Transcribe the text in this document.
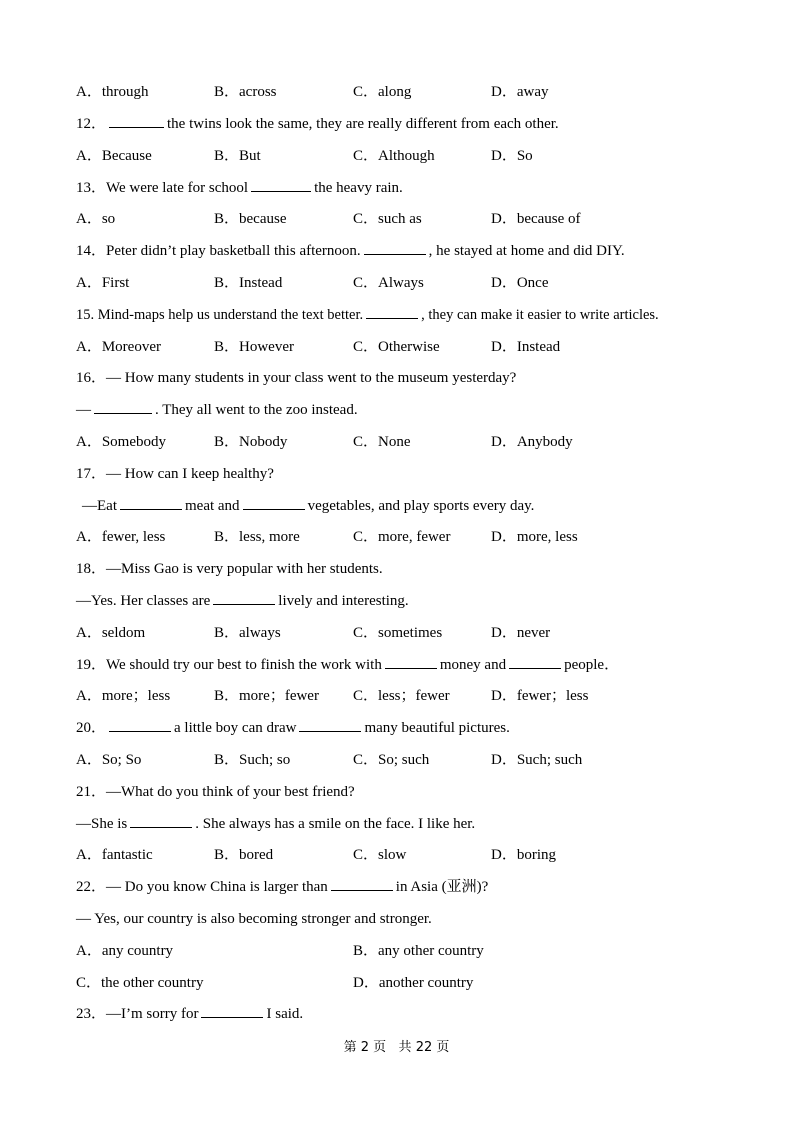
A．through	B．across	C．along	D．away
12．	the twins look the same, they are really different from each other.
A．Because	B．But	C．Although	D．So
13．We were late for school	the heavy rain.
A．so	B．because	C．such as	D．because of
14．Peter didn’t play basketball this afternoon.	, he stayed at home and did DIY.
A．First	B．Instead	C．Always	D．Once
15. Mind-maps help us understand the text better.	, they can make it easier to write articles.
A．Moreover	B．However	C．Otherwise	D．Instead
16．— How many students in your class went to the museum yesterday?
—	. They all went to the zoo instead.
A．Somebody	B．Nobody	C．None	D．Anybody
17．— How can I keep healthy?
—Eat	meat and	vegetables, and play sports every day.
A．fewer, less	B．less, more	C．more, fewer	D．more, less
18．—Miss Gao is very popular with her students.
—Yes. Her classes are	lively and interesting.
A．seldom	B．always	C．sometimes	D．never
19．We should try our best to finish the work with	money and	people．
A．more；less	B．more；fewer C．less；fewer	D．fewer；less
20．	a little boy can draw	many beautiful pictures.
A．So; So	B．Such; so	C．So; such	D．Such; such
21．—What do you think of your best friend?
—She is	. She always has a smile on the face. I like her.
A．fantastic	B．bored	C．slow	D．boring
22．— Do you know China is larger than	in Asia (亚洲)?
— Yes, our country is also becoming stronger and stronger.
A．any country	B．any other country
C．the other country	D．another country
23．—I’m sorry for	I said.
第 2 页   共 22 页
